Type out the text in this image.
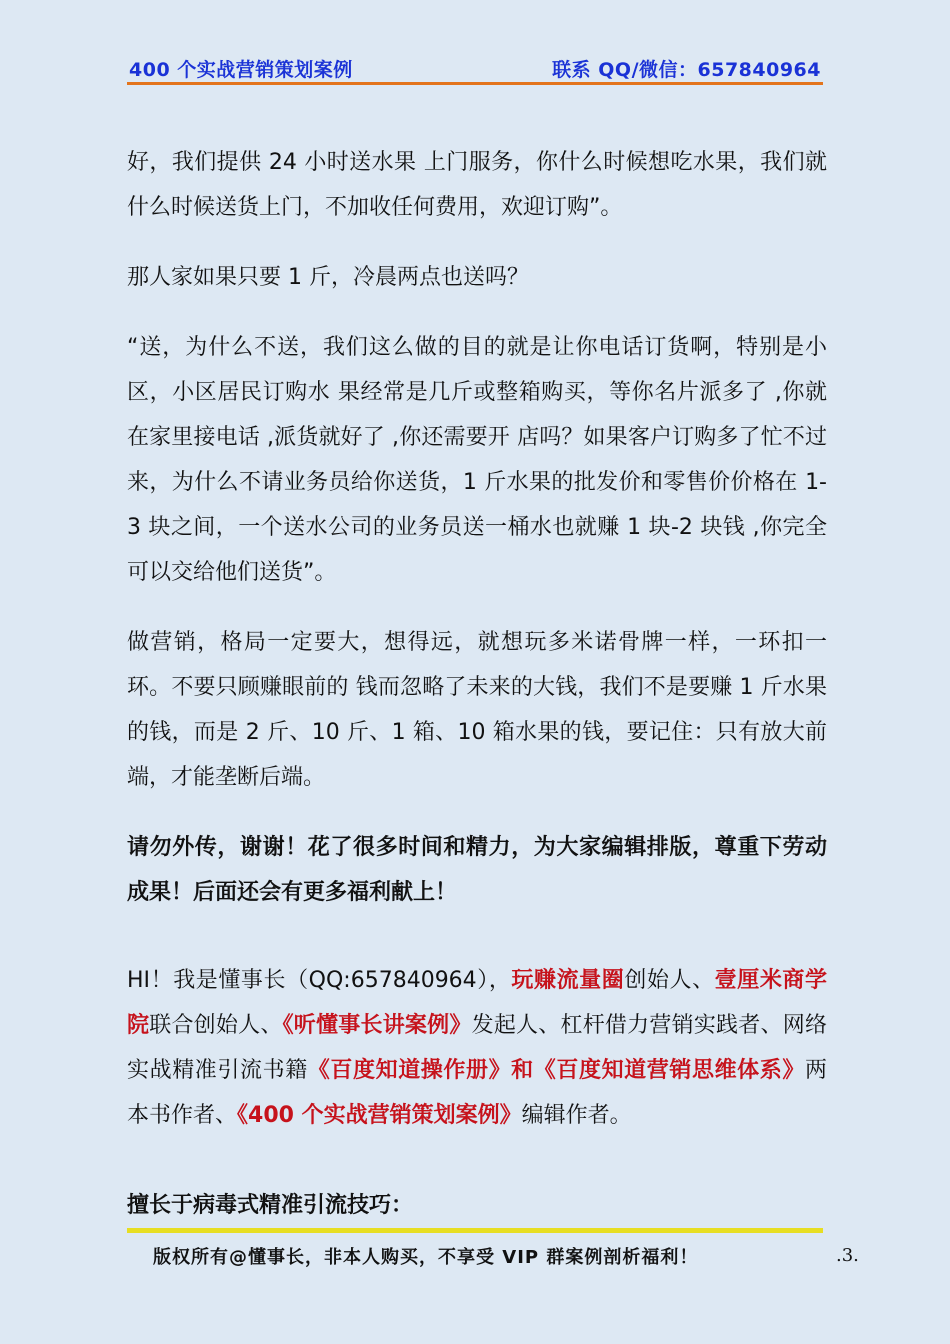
400 个实战营销策划案例	联系 QQ/微信：657840964

好，我们提供 24 小时送水果 上门服务，你什么时候想吃水果，我们就什么时候送货上门，不加收任何费用，欢迎订购”。

那人家如果只要 1 斤，冷晨两点也送吗？

“送，为什么不送，我们这么做的目的就是让你电话订货啊，特别是小区，小区居民订购水 果经常是几斤或整箱购买，等你名片派多了 ,你就在家里接电话 ,派货就好了 ,你还需要开 店吗？如果客户订购多了忙不过来，为什么不请业务员给你送货，1 斤水果的批发价和零售价价格在 1-3 块之间，一个送水公司的业务员送一桶水也就赚 1 块-2 块钱 ,你完全可以交给他们送货”。

做营销，格局一定要大，想得远，就想玩多米诺骨牌一样，一环扣一环。不要只顾赚眼前的 钱而忽略了未来的大钱，我们不是要赚 1 斤水果的钱，而是 2 斤、10 斤、1 箱、10 箱水果的钱，要记住：只有放大前端，才能垄断后端。

请勿外传，谢谢！花了很多时间和精力，为大家编辑排版，尊重下劳动成果！后面还会有更多福利献上！

HI！我是懂事长（QQ:657840964），玩赚流量圈创始人、壹厘米商学院联合创始人、《听懂事长讲案例》发起人、杠杆借力营销实践者、网络实战精准引流书籍《百度知道操作册》和《百度知道营销思维体系》两本书作者、《400 个实战营销策划案例》编辑作者。

擅长于病毒式精准引流技巧：

版权所有@懂事长，非本人购买，不享受 VIP 群案例剖析福利！	.3.
